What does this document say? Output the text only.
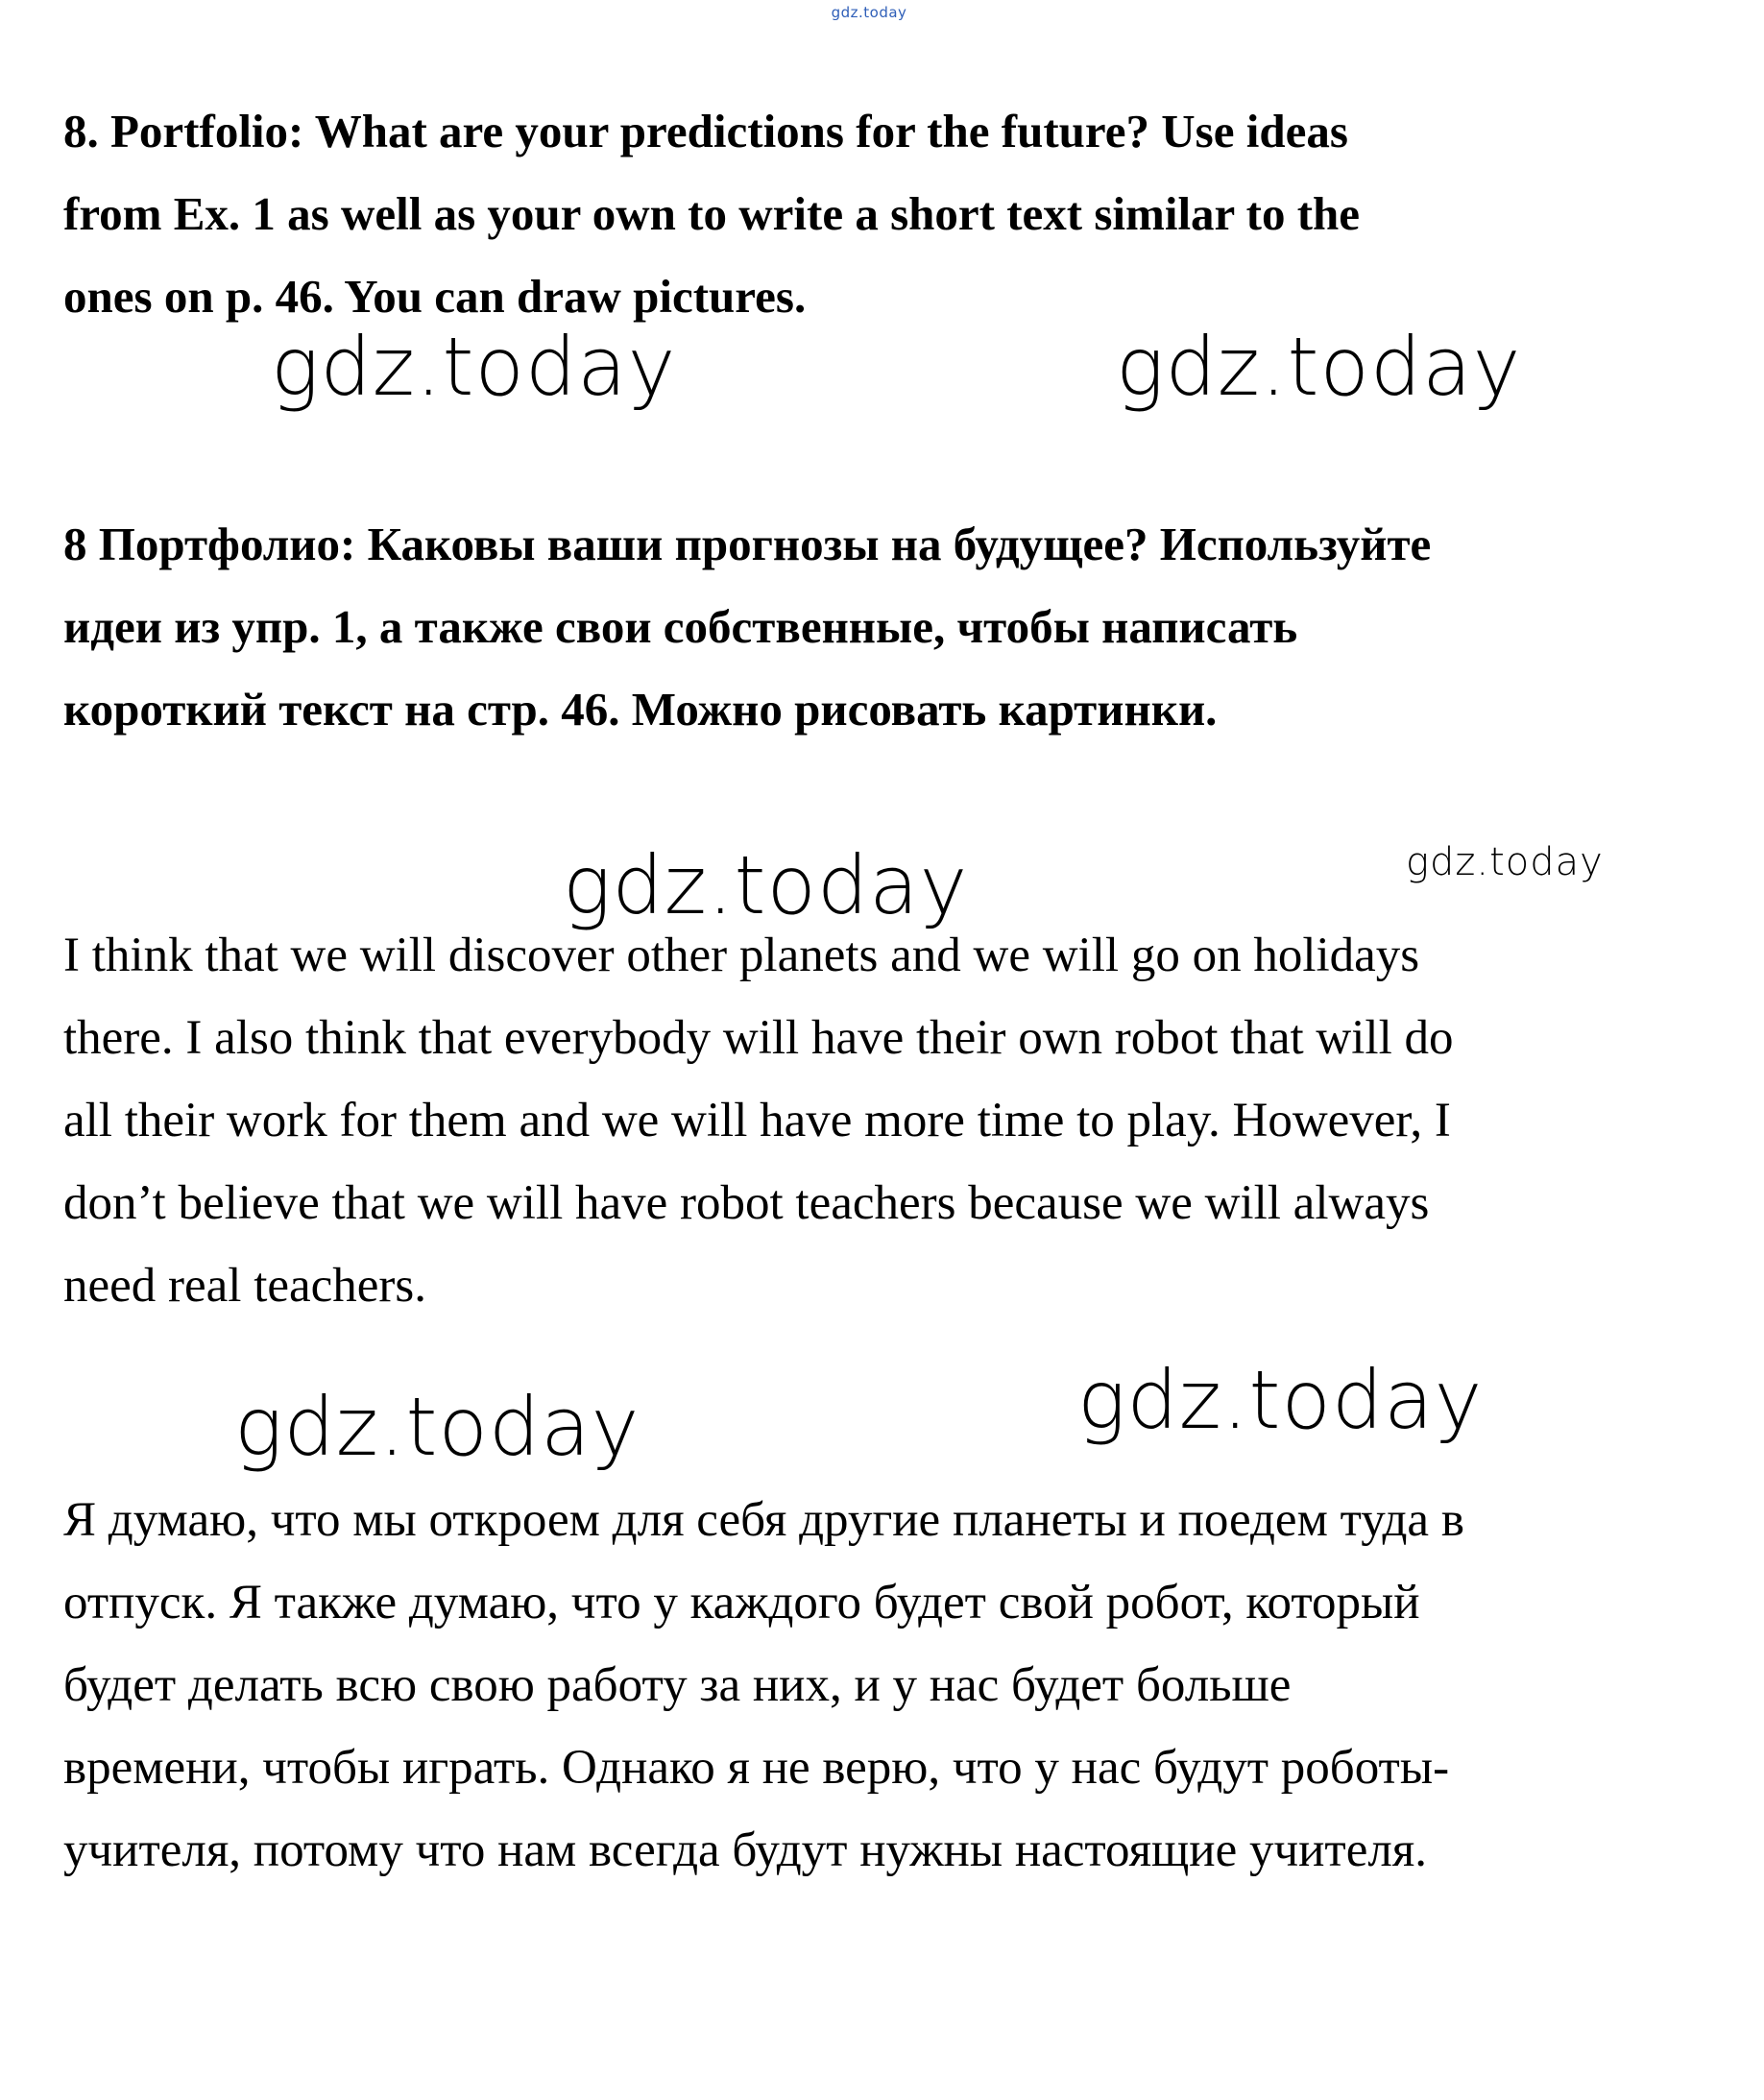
gdz.today
8. Portfolio: What are your predictions for the future? Use ideas
from Ex. 1 as well as your own to write a short text similar to the
ones on p. 46. You can draw pictures.
gdz.today	gdz.today
8 Портфолио: Каковы ваши прогнозы на будущее? Используйте
идеи из упр. 1, а также свои собственные, чтобы написать
короткий текст на стр. 46. Можно рисовать картинки.
gdz.today	gdz.today
I think that we will discover other planets and we will go on holidays
there. I also think that everybody will have their own robot that will do
all their work for them and we will have more time to play. However, I
don’t believe that we will have robot teachers because we will always
need real teachers.
gdz.today	gdz.today
Я думаю, что мы откроем для себя другие планеты и поедем туда в
отпуск. Я также думаю, что у каждого будет свой робот, который
будет делать всю свою работу за них, и у нас будет больше
времени, чтобы играть. Однако я не верю, что у нас будут роботы-
учителя, потому что нам всегда будут нужны настоящие учителя.
